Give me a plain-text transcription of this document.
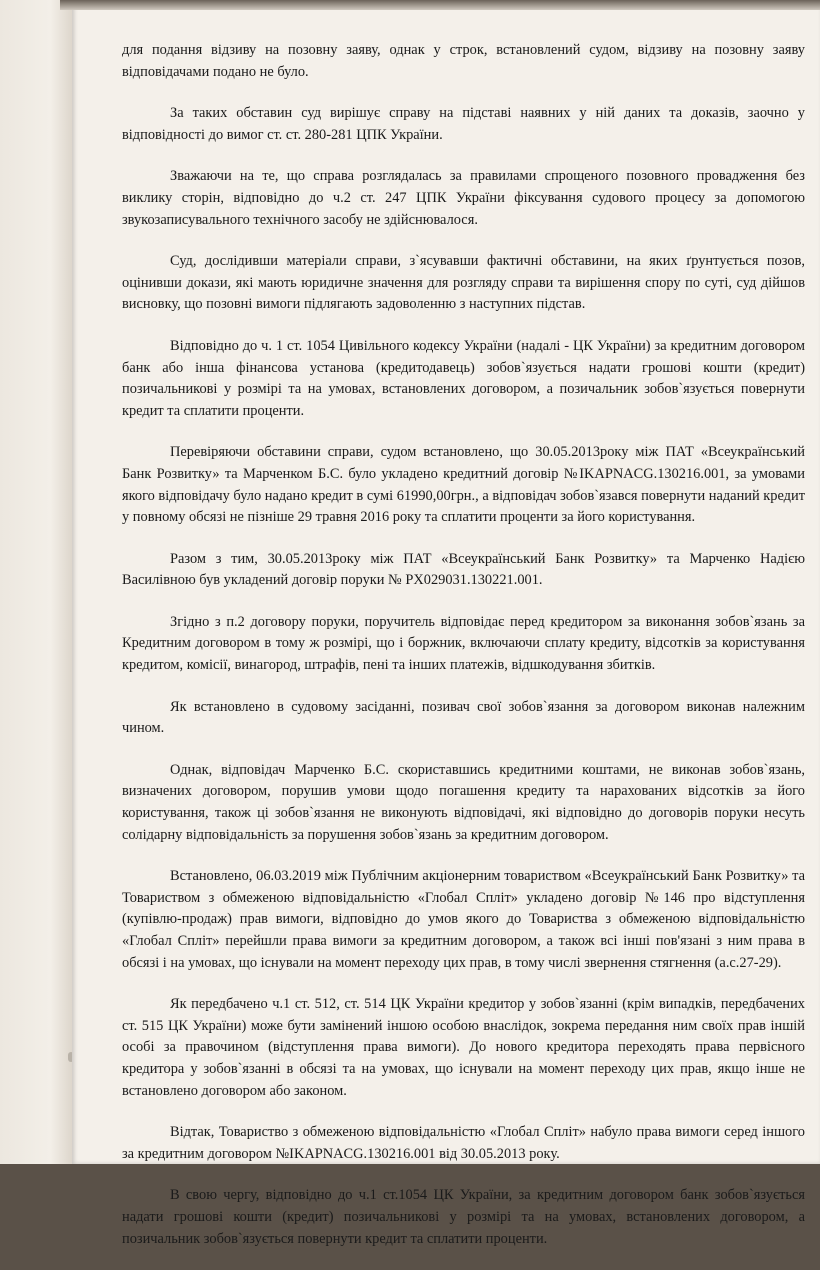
для подання відзиву на позовну заяву, однак у строк, встановлений судом, відзиву на позовну заяву відповідачами подано не було.

За таких обставин суд вирішує справу на підставі наявних у ній даних та доказів, заочно у відповідності до вимог ст. ст. 280-281 ЦПК України.

Зважаючи на те, що справа розглядалась за правилами спрощеного позовного провадження без виклику сторін, відповідно до ч.2 ст. 247 ЦПК України фіксування судового процесу за допомогою звукозаписувального технічного засобу не здійснювалося.

Суд, дослідивши матеріали справи, з`ясувавши фактичні обставини, на яких ґрунтується позов, оцінивши докази, які мають юридичне значення для розгляду справи та вирішення спору по суті, суд дійшов висновку, що позовні вимоги підлягають задоволенню з наступних підстав.

Відповідно до ч. 1 ст. 1054 Цивільного кодексу України (надалі - ЦК України) за кредитним договором банк або інша фінансова установа (кредитодавець) зобов`язується надати грошові кошти (кредит) позичальникові у розмірі та на умовах, встановлених договором, а позичальник зобов`язується повернути кредит та сплатити проценти.

Перевіряючи обставини справи, судом встановлено, що 30.05.2013року між ПАТ «Всеукраїнський Банк Розвитку» та Марченком Б.С. було укладено кредитний договір №IKAPNACG.130216.001, за умовами якого відповідачу було надано кредит в сумі 61990,00грн., а відповідач зобов`язався повернути наданий кредит у повному обсязі не пізніше 29 травня 2016 року та сплатити проценти за його користування.

Разом з тим, 30.05.2013року між ПАТ «Всеукраїнський Банк Розвитку» та Марченко Надією Василівною був укладений договір поруки № PX029031.130221.001.

Згідно з п.2 договору поруки, поручитель відповідає перед кредитором за виконання зобов`язань за Кредитним договором в тому ж розмірі, що і боржник, включаючи сплату кредиту, відсотків за користування кредитом, комісії, винагород, штрафів, пені та інших платежів, відшкодування збитків.

Як встановлено в судовому засіданні, позивач свої зобов`язання за договором виконав належним чином.

Однак, відповідач Марченко Б.С. скориставшись кредитними коштами, не виконав зобов`язань, визначених договором, порушив умови щодо погашення кредиту та нарахованих відсотків за його користування, також ці зобов`язання не виконують відповідачі, які відповідно до договорів поруки несуть солідарну відповідальність за порушення зобов`язань за кредитним договором.

Встановлено, 06.03.2019 між Публічним акціонерним товариством «Всеукраїнський Банк Розвитку» та Товариством з обмеженою відповідальністю «Глобал Спліт» укладено договір №146 про відступлення (купівлю-продаж) прав вимоги, відповідно до умов якого до Товариства з обмеженою відповідальністю «Глобал Спліт» перейшли права вимоги за кредитним договором, а також всі інші пов'язані з ним права в обсязі і на умовах, що існували на момент переходу цих прав, в тому числі звернення стягнення (а.с.27-29).

Як передбачено ч.1 ст. 512, ст. 514 ЦК України кредитор у зобов`язанні (крім випадків, передбачених ст. 515 ЦК України) може бути замінений іншою особою внаслідок, зокрема передання ним своїх прав іншій особі за правочином (відступлення права вимоги). До нового кредитора переходять права первісного кредитора у зобов`язанні в обсязі та на умовах, що існували на момент переходу цих прав, якщо інше не встановлено договором або законом.

Відтак, Товариство з обмеженою відповідальністю «Глобал Спліт» набуло права вимоги серед іншого за кредитним договором №IKAPNACG.130216.001 від 30.05.2013 року.

В свою чергу, відповідно до ч.1 ст.1054 ЦК України, за кредитним договором банк зобов`язується надати грошові кошти (кредит) позичальникові у розмірі та на умовах, встановлених договором, а позичальник зобов`язується повернути кредит та сплатити проценти.
